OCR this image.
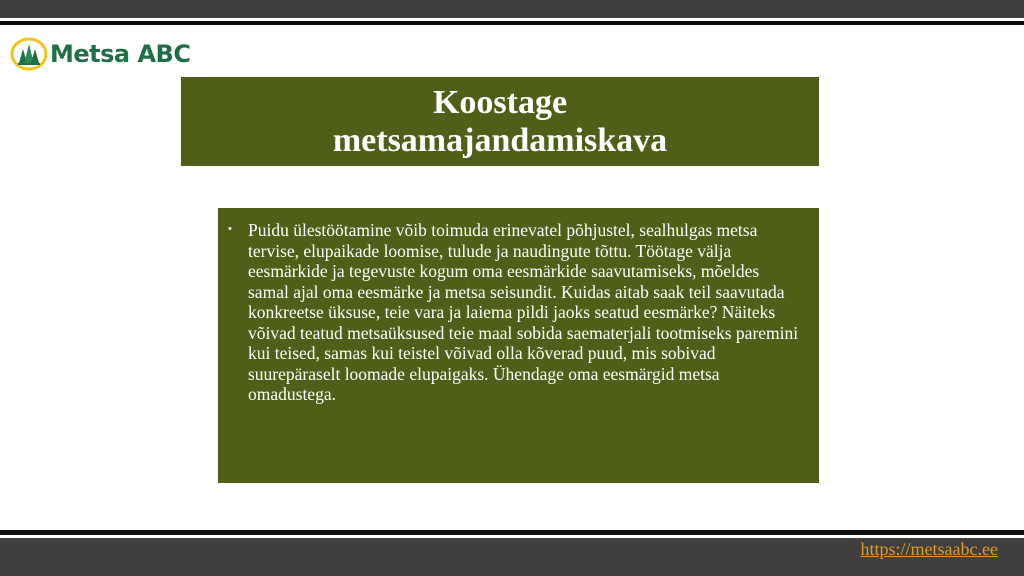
Metsa ABC
Koostage
metsamajandamiskava
• Puidu ülestöötamine võib toimuda erinevatel põhjustel, sealhulgas metsa tervise, elupaikade loomise, tulude ja naudingute tõttu. Töötage välja eesmärkide ja tegevuste kogum oma eesmärkide saavutamiseks, mõeldes samal ajal oma eesmärke ja metsa seisundit. Kuidas aitab saak teil saavutada konkreetse üksuse, teie vara ja laiema pildi jaoks seatud eesmärke? Näiteks võivad teatud metsaüksused teie maal sobida saematerjali tootmiseks paremini kui teised, samas kui teistel võivad olla kõverad puud, mis sobivad suurepäraselt loomade elupaigaks. Ühendage oma eesmärgid metsa omadustega.
https://metsaabc.ee
